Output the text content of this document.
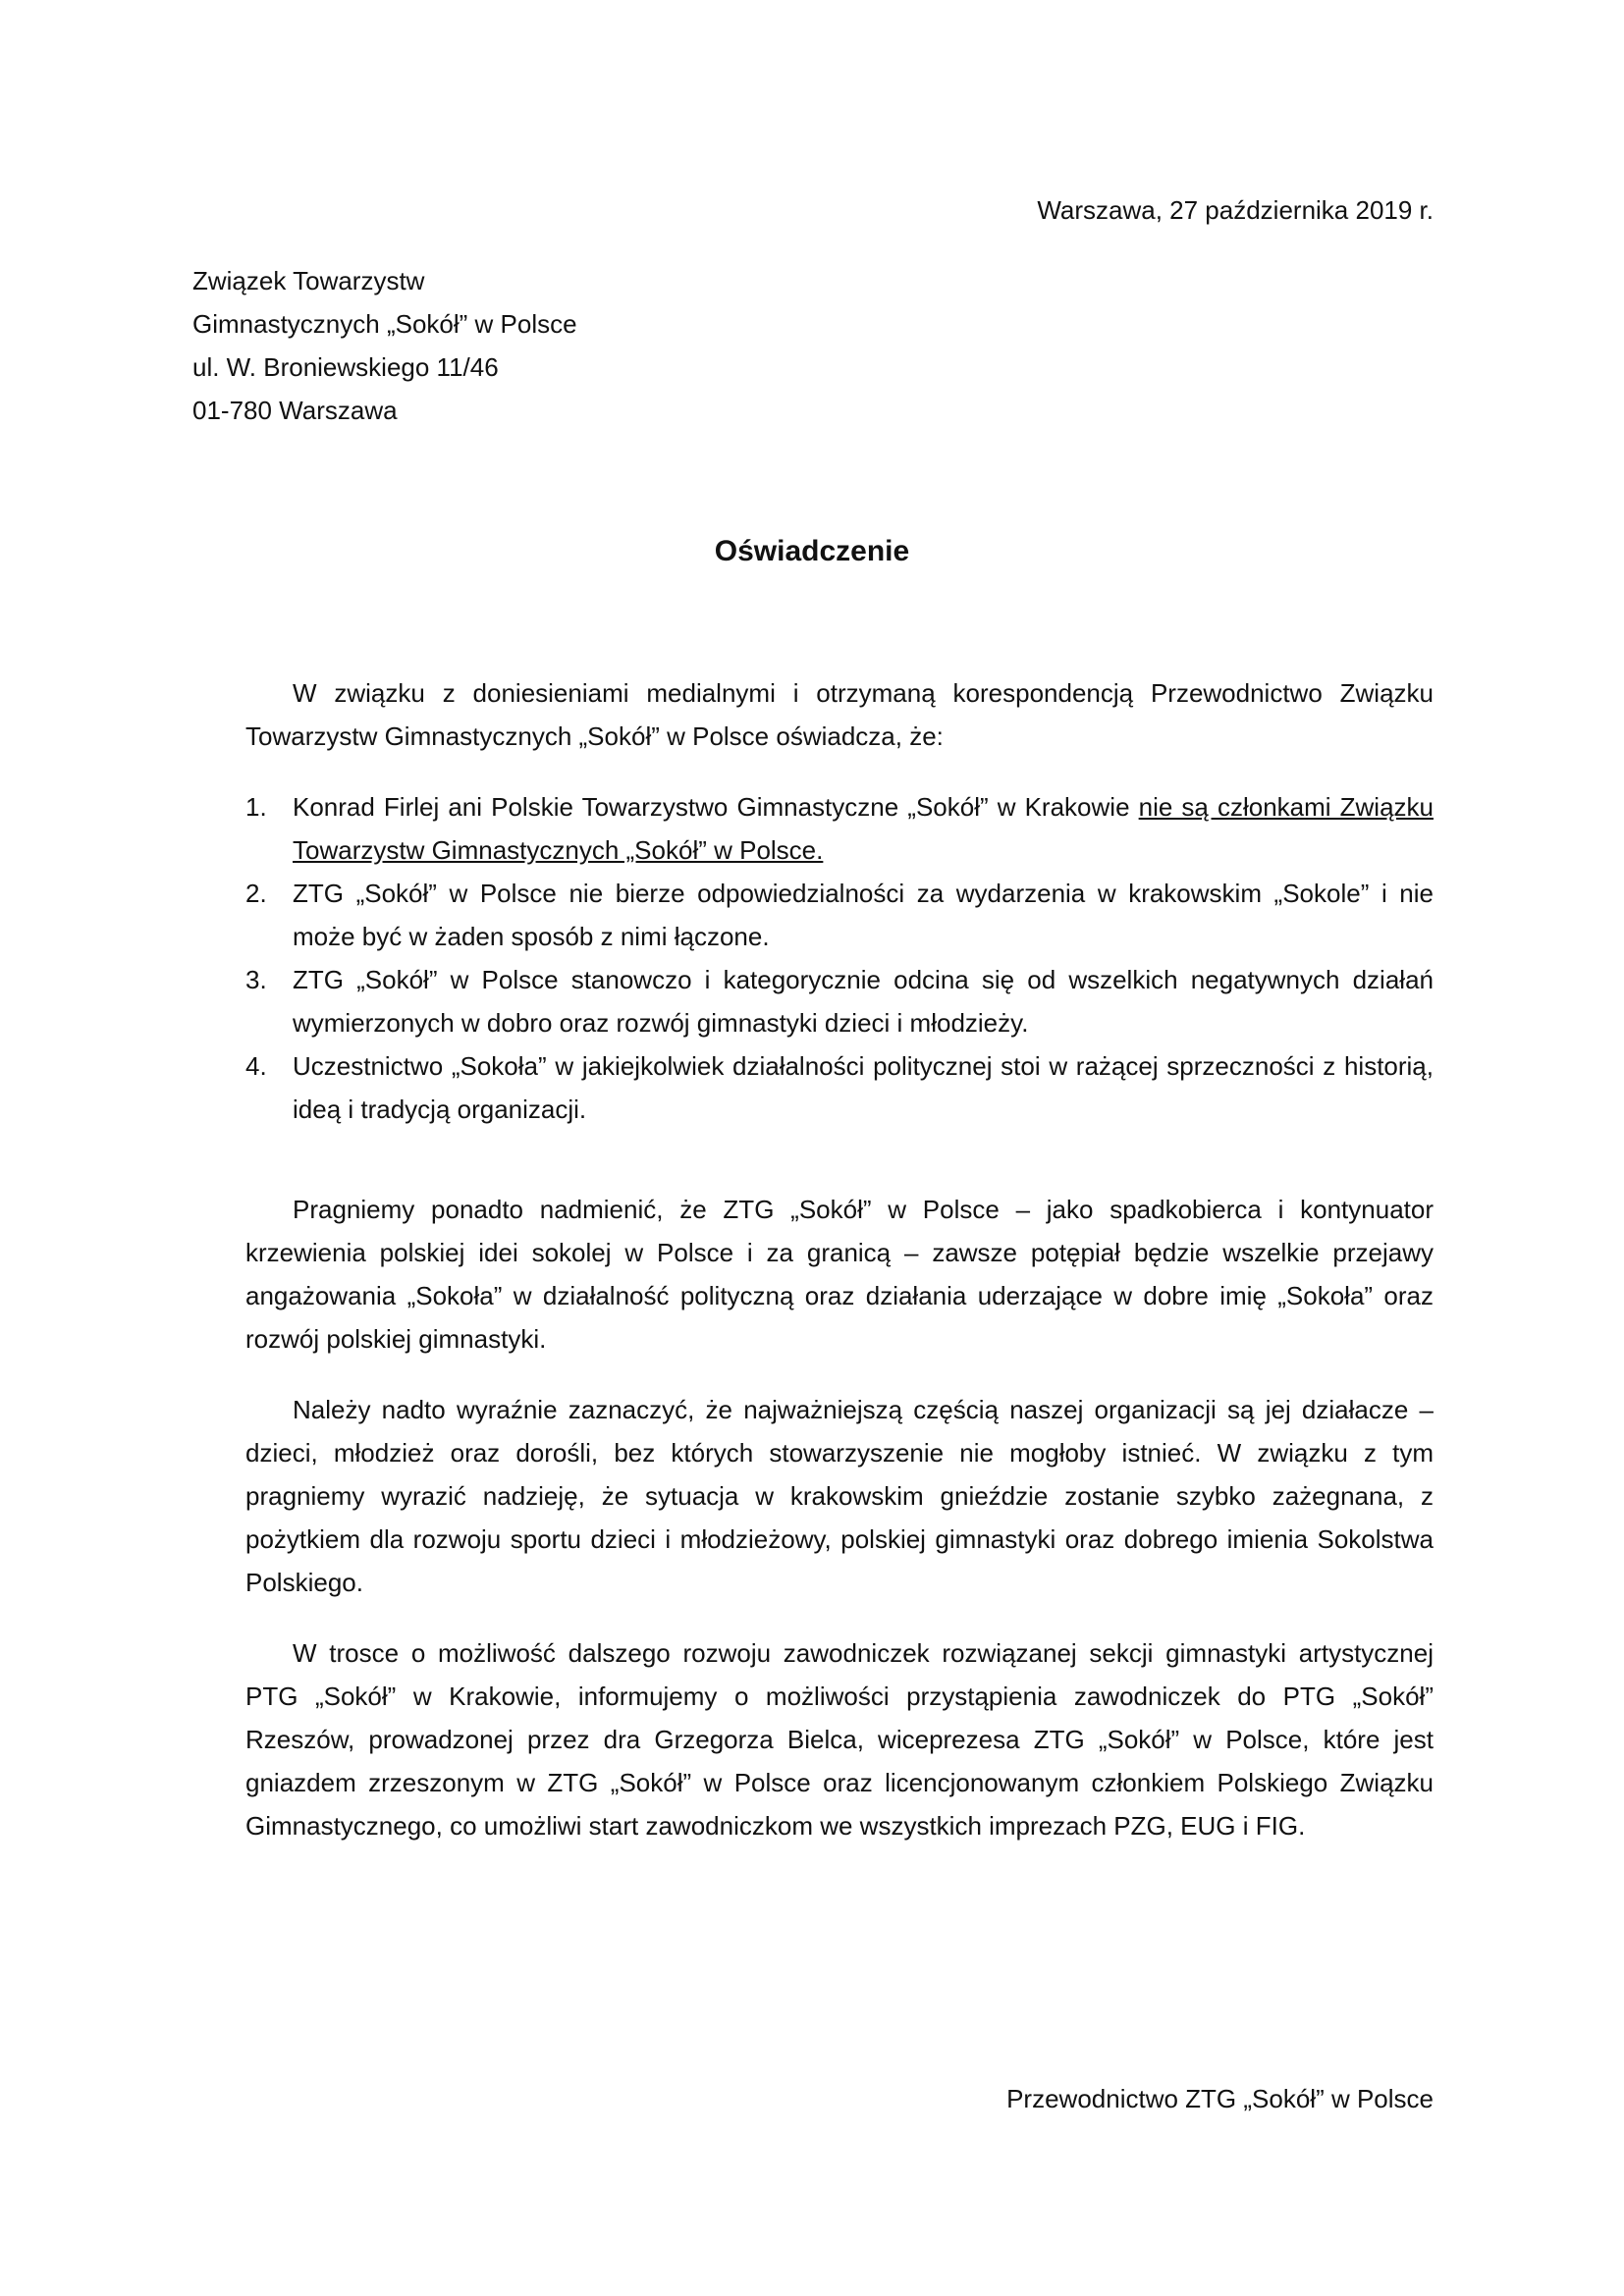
Warszawa, 27 października 2019 r.
Związek Towarzystw
Gimnastycznych „Sokół” w Polsce
ul. W. Broniewskiego 11/46
01-780 Warszawa
Oświadczenie

W związku z doniesieniami medialnymi i otrzymaną korespondencją Przewodnictwo Związku Towarzystw Gimnastycznych „Sokół” w Polsce oświadcza, że:

1. Konrad Firlej ani Polskie Towarzystwo Gimnastyczne „Sokół” w Krakowie nie są członkami Związku Towarzystw Gimnastycznych „Sokół” w Polsce.
2. ZTG „Sokół” w Polsce nie bierze odpowiedzialności za wydarzenia w krakowskim „Sokole” i nie może być w żaden sposób z nimi łączone.
3. ZTG „Sokół” w Polsce stanowczo i kategorycznie odcina się od wszelkich negatywnych działań wymierzonych w dobro oraz rozwój gimnastyki dzieci i młodzieży.
4. Uczestnictwo „Sokoła” w jakiejkolwiek działalności politycznej stoi w rażącej sprzeczności z historią, ideą i tradycją organizacji.

Pragniemy ponadto nadmienić, że ZTG „Sokół” w Polsce – jako spadkobierca i kontynuator krzewienia polskiej idei sokolej w Polsce i za granicą – zawsze potępiał będzie wszelkie przejawy angażowania „Sokoła” w działalność polityczną oraz działania uderzające w dobre imię „Sokoła” oraz rozwój polskiej gimnastyki.

Należy nadto wyraźnie zaznaczyć, że najważniejszą częścią naszej organizacji są jej działacze – dzieci, młodzież oraz dorośli, bez których stowarzyszenie nie mogłoby istnieć. W związku z tym pragniemy wyrazić nadzieję, że sytuacja w krakowskim gnieździe zostanie szybko zażegnana, z pożytkiem dla rozwoju sportu dzieci i młodzieżowy, polskiej gimnastyki oraz dobrego imienia Sokolstwa Polskiego.

W trosce o możliwość dalszego rozwoju zawodniczek rozwiązanej sekcji gimnastyki artystycznej PTG „Sokół” w Krakowie, informujemy o możliwości przystąpienia zawodniczek do PTG „Sokół” Rzeszów, prowadzonej przez dra Grzegorza Bielca, wiceprezesa ZTG „Sokół” w Polsce, które jest gniazdem zrzeszonym w ZTG „Sokół” w Polsce oraz licencjonowanym członkiem Polskiego Związku Gimnastycznego, co umożliwi start zawodniczkom we wszystkich imprezach PZG, EUG i FIG.

Przewodnictwo ZTG „Sokół” w Polsce
